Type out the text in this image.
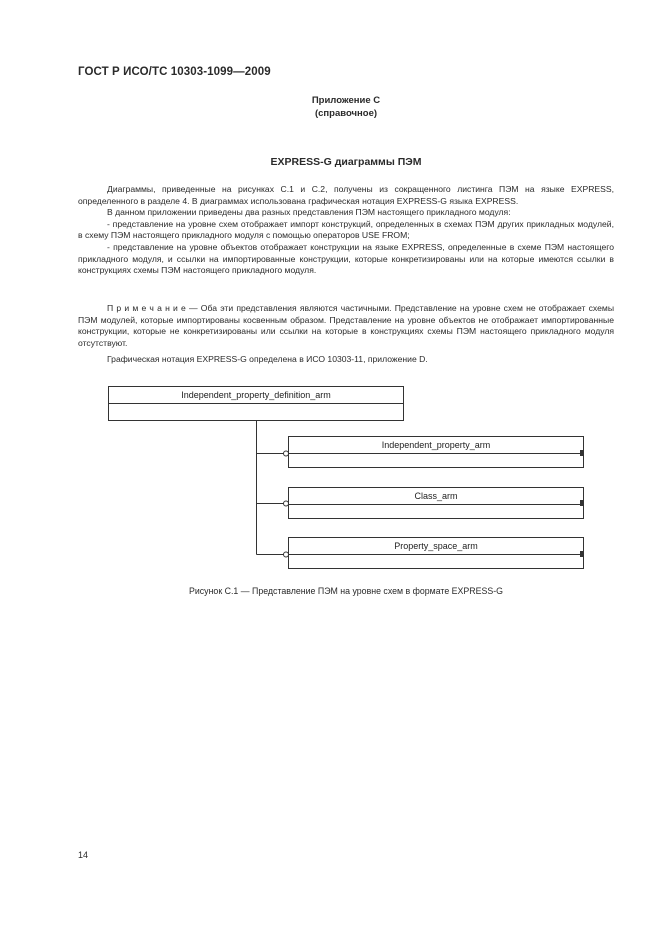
ГОСТ Р ИСО/ТС 10303-1099—2009
Приложение С
(справочное)
EXPRESS-G диаграммы ПЭМ

Диаграммы, приведенные на рисунках С.1 и С.2, получены из сокращенного листинга ПЭМ на языке EXPRESS, определенного в разделе 4. В диаграммах использована графическая нотация EXPRESS-G языка EXPRESS.

В данном приложении приведены два разных представления ПЭМ настоящего прикладного модуля:

- представление на уровне схем отображает импорт конструкций, определенных в схемах ПЭМ других прикладных модулей, в схему ПЭМ настоящего прикладного модуля с помощью операторов USE FROM;

- представление на уровне объектов отображает конструкции на языке EXPRESS, определенные в схеме ПЭМ настоящего прикладного модуля, и ссылки на импортированные конструкции, которые конкретизированы или на которые имеются ссылки в конструкциях схемы ПЭМ настоящего прикладного модуля.

П р и м е ч а н и е — Оба эти представления являются частичными. Представление на уровне схем не отображает схемы ПЭМ модулей, которые импортированы косвенным образом. Представление на уровне объектов не отображает импортированные конструкции, которые не конкретизированы или ссылки на которые в конструкциях схемы ПЭМ настоящего прикладного модуля отсутствуют.

Графическая нотация EXPRESS-G определена в ИСО 10303-11, приложение D.

Independent_property_definition_arm
Independent_property_arm
Class_arm
Property_space_arm
Рисунок С.1 — Представление ПЭМ на уровне схем в формате EXPRESS-G
14
